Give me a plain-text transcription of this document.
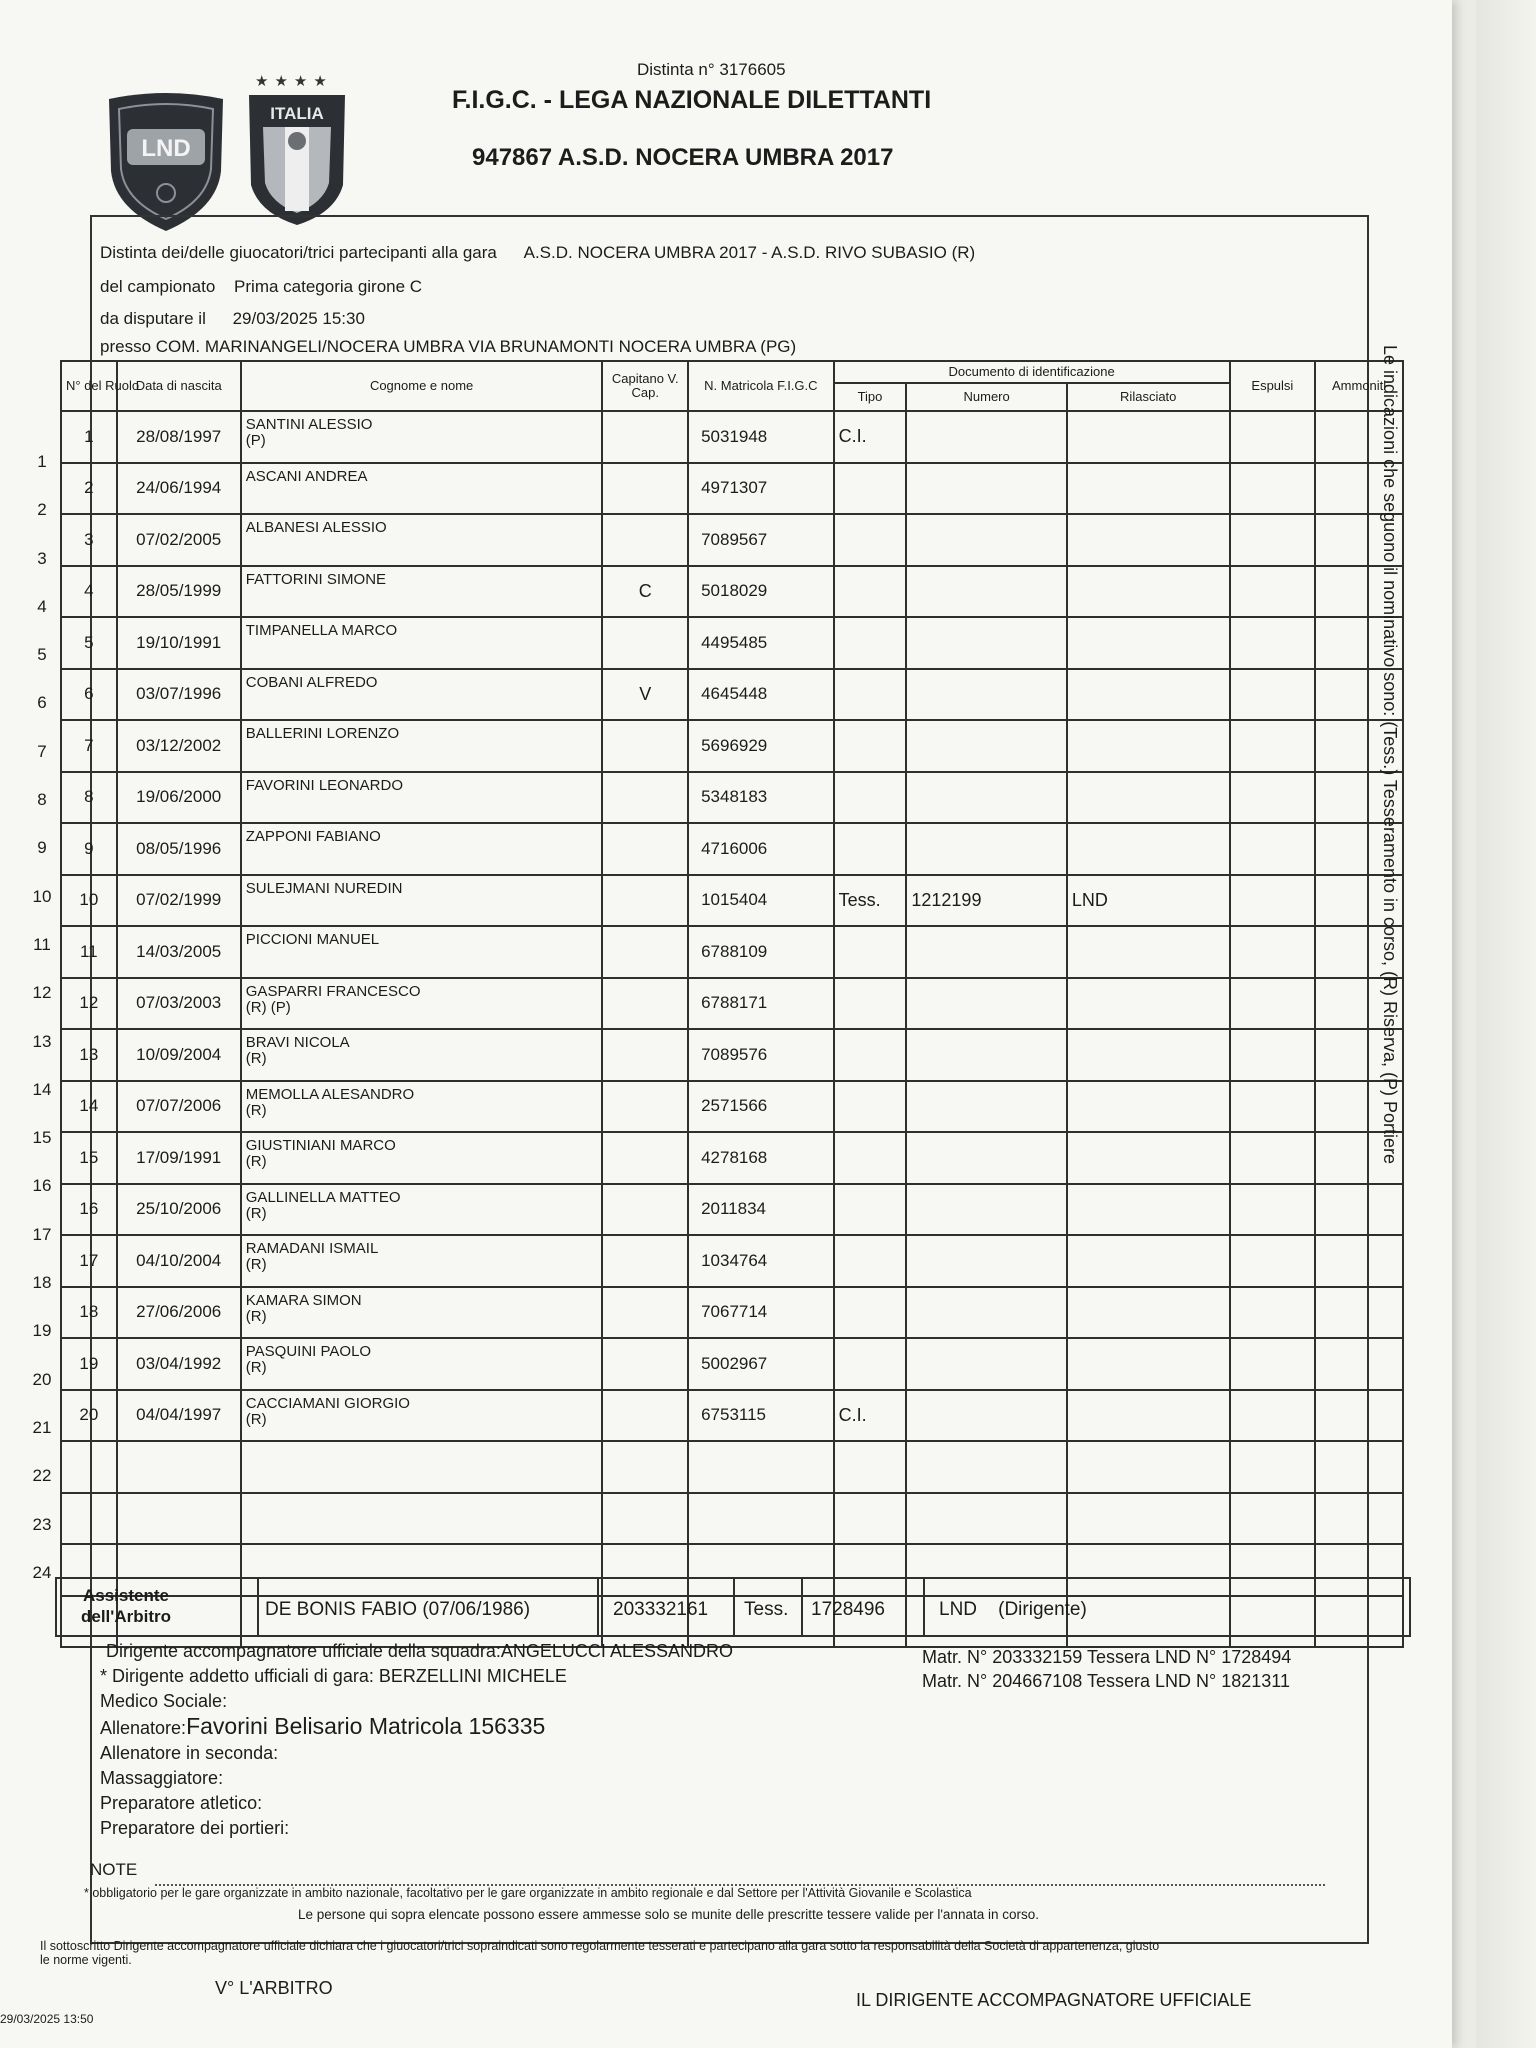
LND
★★★★
ITALIA
Distinta n° 3176605
F.I.G.C. - LEGA NAZIONALE DILETTANTI
947867 A.S.D. NOCERA UMBRA 2017
Distinta dei/delle giuocatori/trici partecipanti alla gara A.S.D. NOCERA UMBRA 2017 - A.S.D. RIVO SUBASIO (R)
del campionato Prima categoria girone C
da disputare il 29/03/2025 15:30
presso COM. MARINANGELI/NOCERA UMBRA VIA BRUNAMONTI NOCERA UMBRA (PG)
1
2
3
4
5
6
7
8
9
10
11
12
13
14
15
16
17
18
19
20
21
22
23
24
N° del Ruolo	Data di nascita	Cognome e nome	Capitano V. Cap.	N. Matricola F.I.G.C	Documento di identificazione			Espulsi	Ammoniti
					Tipo	Numero	Rilasciato		
1	28/08/1997	SANTINI ALESSIO
(P)		5031948	C.I.				
2	24/06/1994	ASCANI ANDREA		4971307					
3	07/02/2005	ALBANESI ALESSIO		7089567					
4	28/05/1999	FATTORINI SIMONE	C	5018029					
5	19/10/1991	TIMPANELLA MARCO		4495485					
6	03/07/1996	COBANI ALFREDO	V	4645448					
7	03/12/2002	BALLERINI LORENZO		5696929					
8	19/06/2000	FAVORINI LEONARDO		5348183					
9	08/05/1996	ZAPPONI FABIANO		4716006					
10	07/02/1999	SULEJMANI NUREDIN		1015404	Tess.	1212199	LND		
11	14/03/2005	PICCIONI MANUEL		6788109					
12	07/03/2003	GASPARRI FRANCESCO
(R) (P)		6788171					
13	10/09/2004	BRAVI NICOLA
(R)		7089576					
14	07/07/2006	MEMOLLA ALESANDRO
(R)		2571566					
15	17/09/1991	GIUSTINIANI MARCO
(R)		4278168					
16	25/10/2006	GALLINELLA MATTEO
(R)		2011834					
17	04/10/2004	RAMADANI ISMAIL
(R)		1034764					
18	27/06/2006	KAMARA SIMON
(R)		7067714					
19	03/04/1992	PASQUINI PAOLO
(R)		5002967					
20	04/04/1997	CACCIAMANI GIORGIO
(R)		6753115	C.I.				

Assistente
dell'Arbitro	DE BONIS FABIO (07/06/1986)	203332161 Tess. 1728496	LND    (Dirigente)
Dirigente accompagnatore ufficiale della squadra:ANGELUCCI ALESSANDRO
* Dirigente addetto ufficiali di gara: BERZELLINI MICHELE
Medico Sociale:
Allenatore:Favorini Belisario Matricola 156335
Allenatore in seconda:
Massaggiatore:
Preparatore atletico:
Preparatore dei portieri:
Matr. N° 203332159 Tessera LND N° 1728494
Matr. N° 204667108 Tessera LND N° 1821311
NOTE
* obbligatorio per le gare organizzate in ambito nazionale, facoltativo per le gare organizzate in ambito regionale e dal Settore per l'Attività Giovanile e Scolastica
Le persone qui sopra elencate possono essere ammesse solo se munite delle prescritte tessere valide per l'annata in corso.
Il sottoscritto Dirigente accompagnatore ufficiale dichiara che i giuocatori/trici sopraindicati sono regolarmente tesserati e partecipano alla gara sotto la responsabilità della Società di appartenenza, giusto
le norme vigenti.
V° L'ARBITRO
IL DIRIGENTE ACCOMPAGNATORE UFFICIALE
29/03/2025 13:50
Le indicazioni che seguono il nominativo sono: (Tess.) Tesseramento in corso, (R) Riserva, (P) Portiere
